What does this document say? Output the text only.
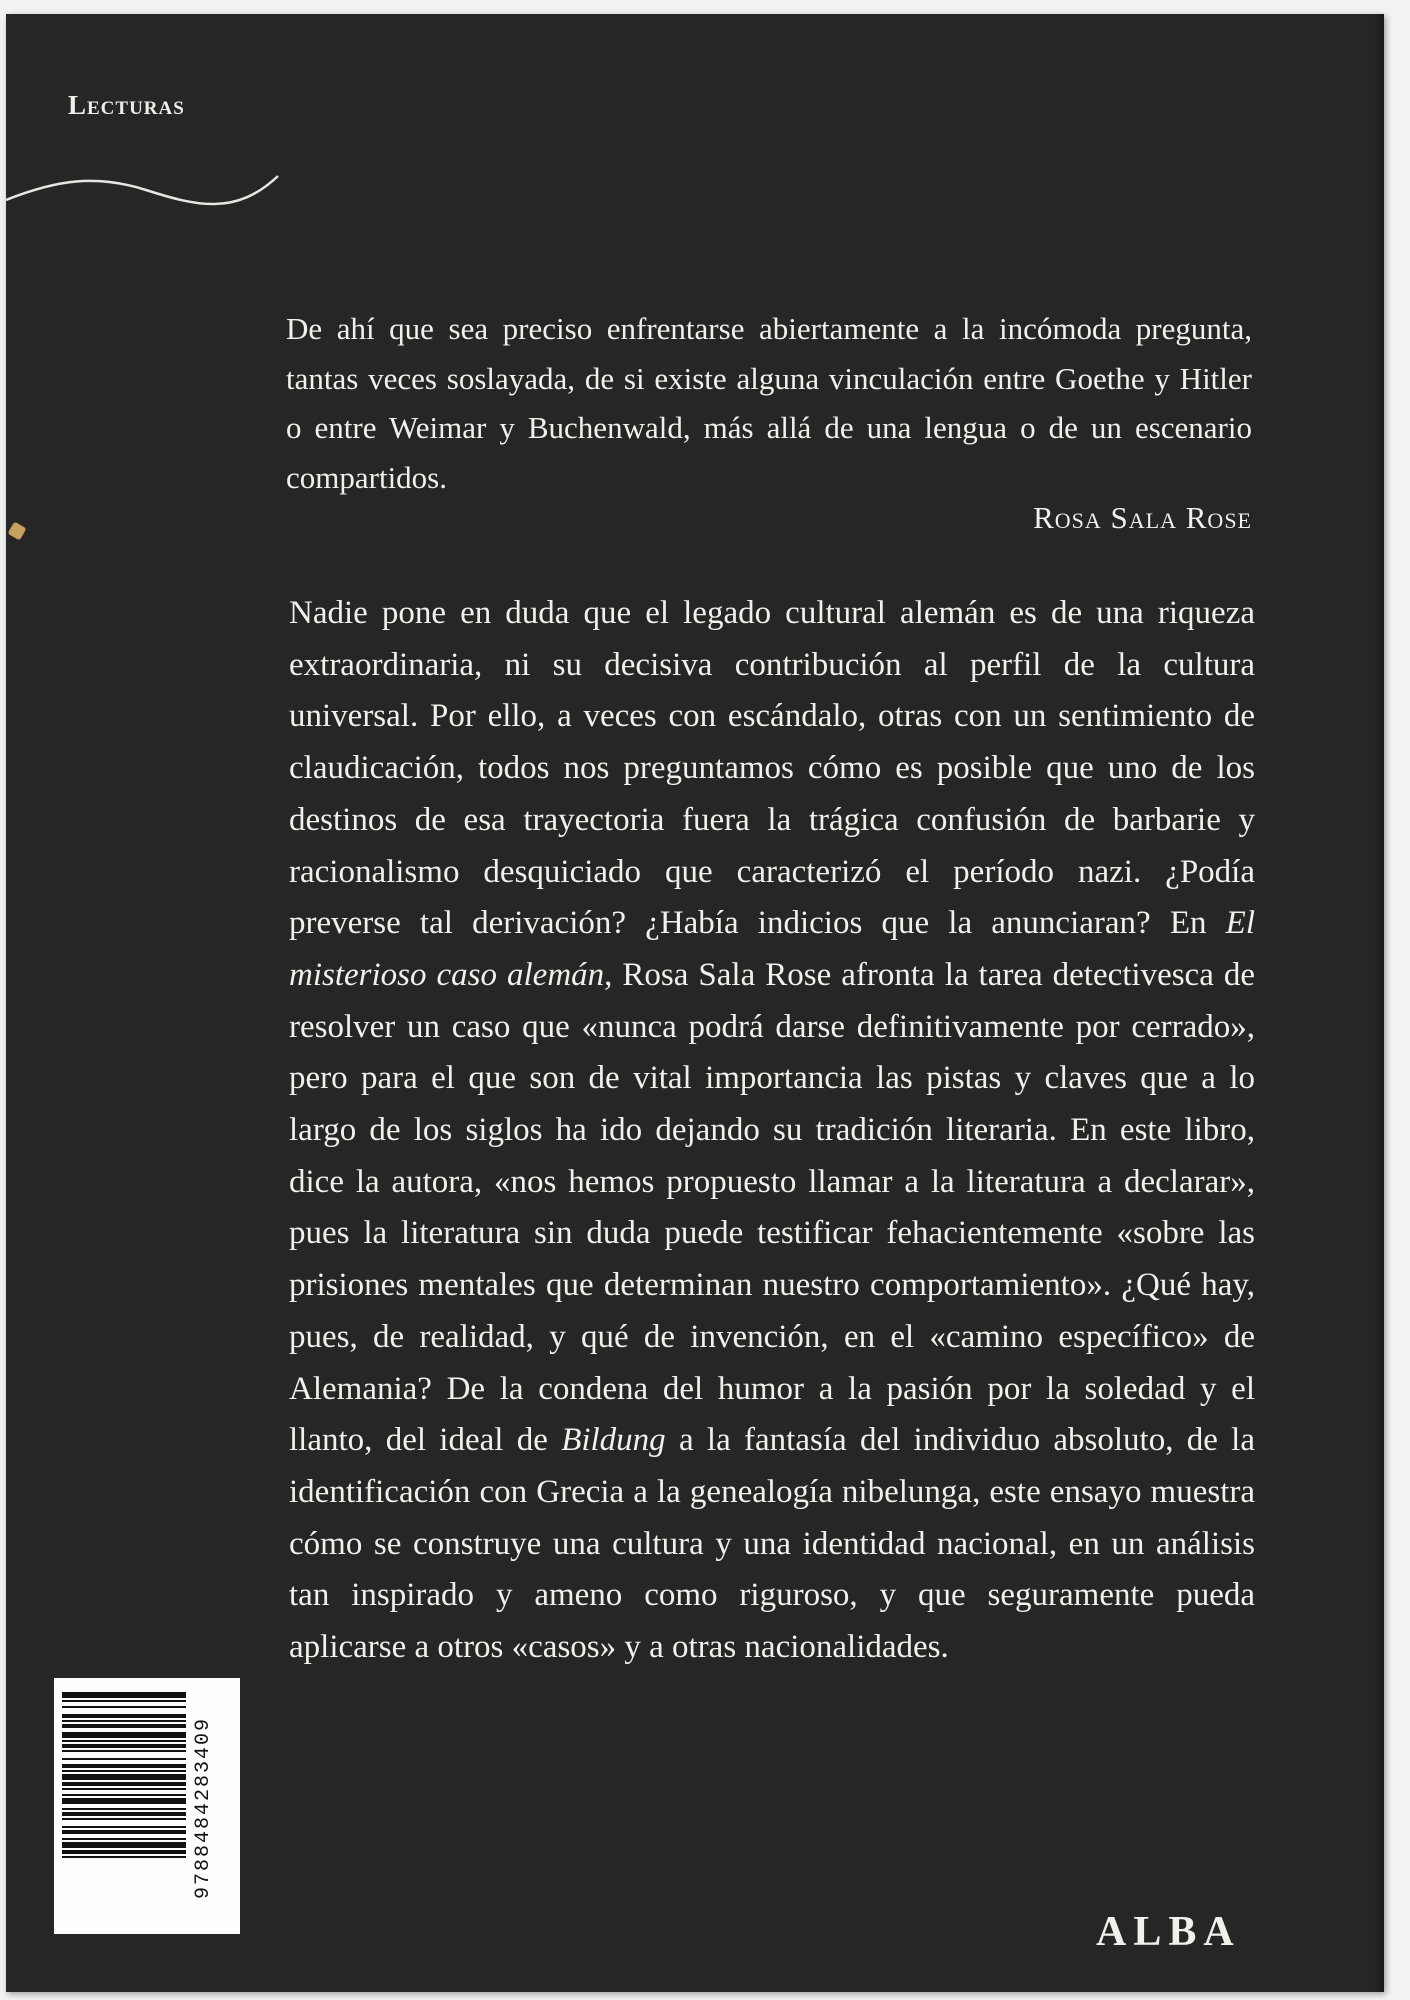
Lecturas

De ahí que sea preciso enfrentarse abiertamente a la incómoda pregunta, tantas veces soslayada, de si existe alguna vinculación entre Goethe y Hitler o entre Weimar y Buchenwald, más allá de una lengua o de un escenario compartidos.

Rosa Sala Rose

Nadie pone en duda que el legado cultural alemán es de una riqueza extraordinaria, ni su decisiva contribución al perfil de la cultura universal. Por ello, a veces con escándalo, otras con un sentimiento de claudicación, todos nos preguntamos cómo es posible que uno de los destinos de esa trayectoria fuera la trágica confusión de barbarie y racionalismo desquiciado que caracterizó el período nazi. ¿Podía preverse tal derivación? ¿Había indicios que la anunciaran? En El misterioso caso alemán, Rosa Sala Rose afronta la tarea detectivesca de resolver un caso que «nunca podrá darse definitivamente por cerrado», pero para el que son de vital importancia las pistas y claves que a lo largo de los siglos ha ido dejando su tradición literaria. En este libro, dice la autora, «nos hemos propuesto llamar a la literatura a declarar», pues la literatura sin duda puede testificar fehacientemente «sobre las prisiones mentales que determinan nuestro comportamiento». ¿Qué hay, pues, de realidad, y qué de invención, en el «camino específico» de Alemania? De la condena del humor a la pasión por la soledad y el llanto, del ideal de Bildung a la fantasía del individuo absoluto, de la identificación con Grecia a la genealogía nibelunga, este ensayo muestra cómo se construye una cultura y una identidad nacional, en un análisis tan inspirado y ameno como riguroso, y que seguramente pueda aplicarse a otros «casos» y a otras nacionalidades.

9788484283409
ALBA
